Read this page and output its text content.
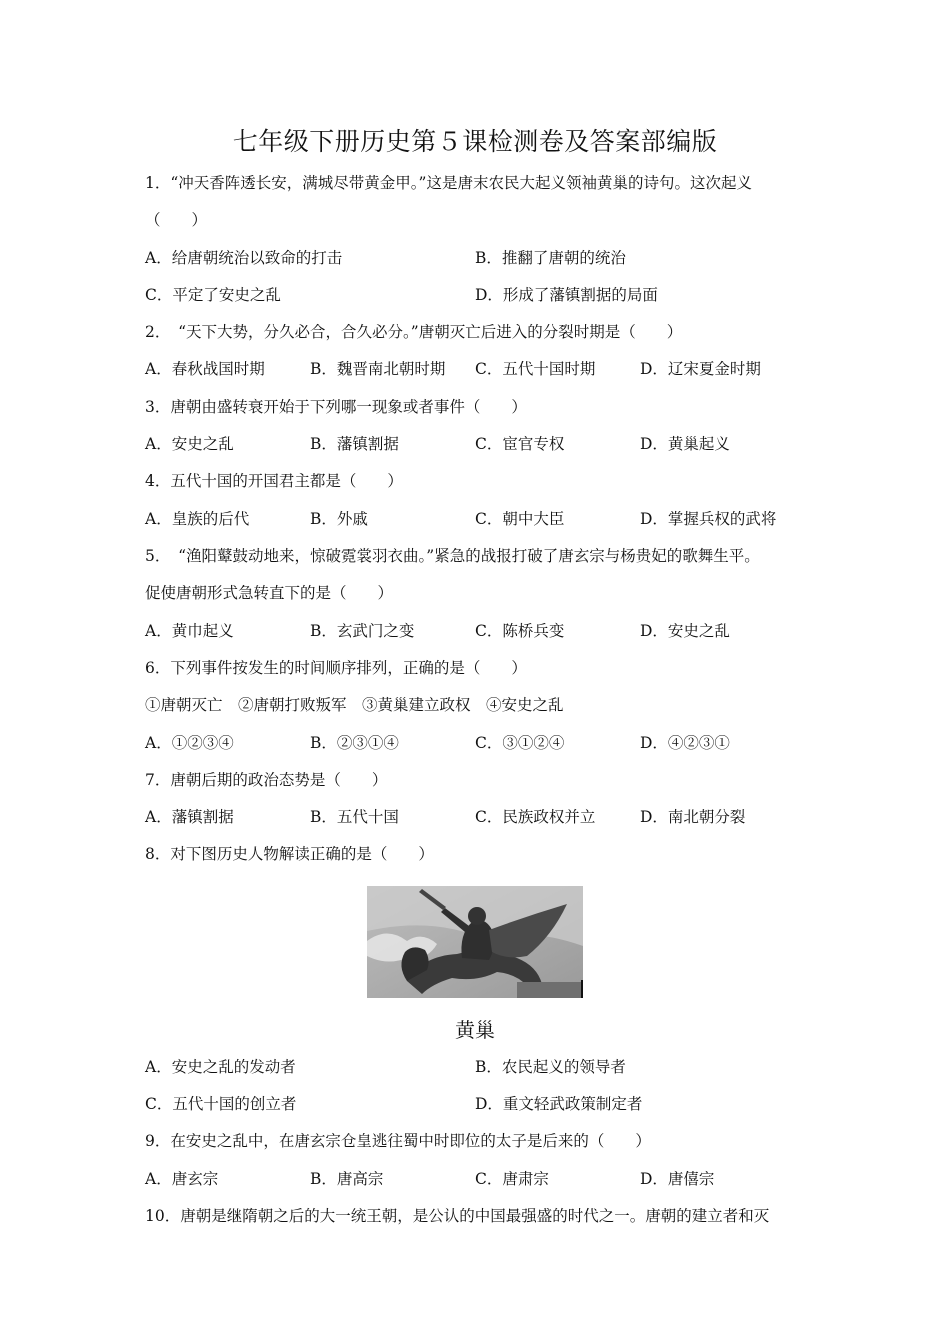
七年级下册历史第５课检测卷及答案部编版
1．“冲天香阵透长安，满城尽带黄金甲。”这是唐末农民大起义领袖黄巢的诗句。这次起义
（　　）
A．给唐朝统治以致命的打击	B．推翻了唐朝的统治
C．平定了安史之乱	D．形成了藩镇割据的局面
2．　“天下大势，分久必合，合久必分。”唐朝灭亡后进入的分裂时期是（　　）
A．春秋战国时期	B．魏晋南北朝时期 C．五代十国时期	D．辽宋夏金时期
3．唐朝由盛转衰开始于下列哪一现象或者事件（　　）
A．安史之乱	B．藩镇割据	C．宦官专权	D．黄巢起义
4．五代十国的开国君主都是（　　）
A．皇族的后代	B．外戚	C．朝中大臣	D．掌握兵权的武将
5．　“渔阳鼙鼓动地来，惊破霓裳羽衣曲。”紧急的战报打破了唐玄宗与杨贵妃的歌舞生平。
促使唐朝形式急转直下的是（　　）
A．黄巾起义	B．玄武门之变	C．陈桥兵变	D．安史之乱
6．下列事件按发生的时间顺序排列，正确的是（　　）
①唐朝灭亡　②唐朝打败叛军　③黄巢建立政权　④安史之乱
A．①②③④	B．②③①④	C．③①②④	D．④②③①
7．唐朝后期的政治态势是（　　）
A．藩镇割据	B．五代十国	C．民族政权并立	D．南北朝分裂
8．对下图历史人物解读正确的是（　　）
黄巢
A．安史之乱的发动者	B．农民起义的领导者
C．五代十国的创立者	D．重文轻武政策制定者
9．在安史之乱中，在唐玄宗仓皇逃往蜀中时即位的太子是后来的（　　）
A．唐玄宗	B．唐高宗	C．唐肃宗	D．唐僖宗
10．唐朝是继隋朝之后的大一统王朝，是公认的中国最强盛的时代之一。唐朝的建立者和灭
